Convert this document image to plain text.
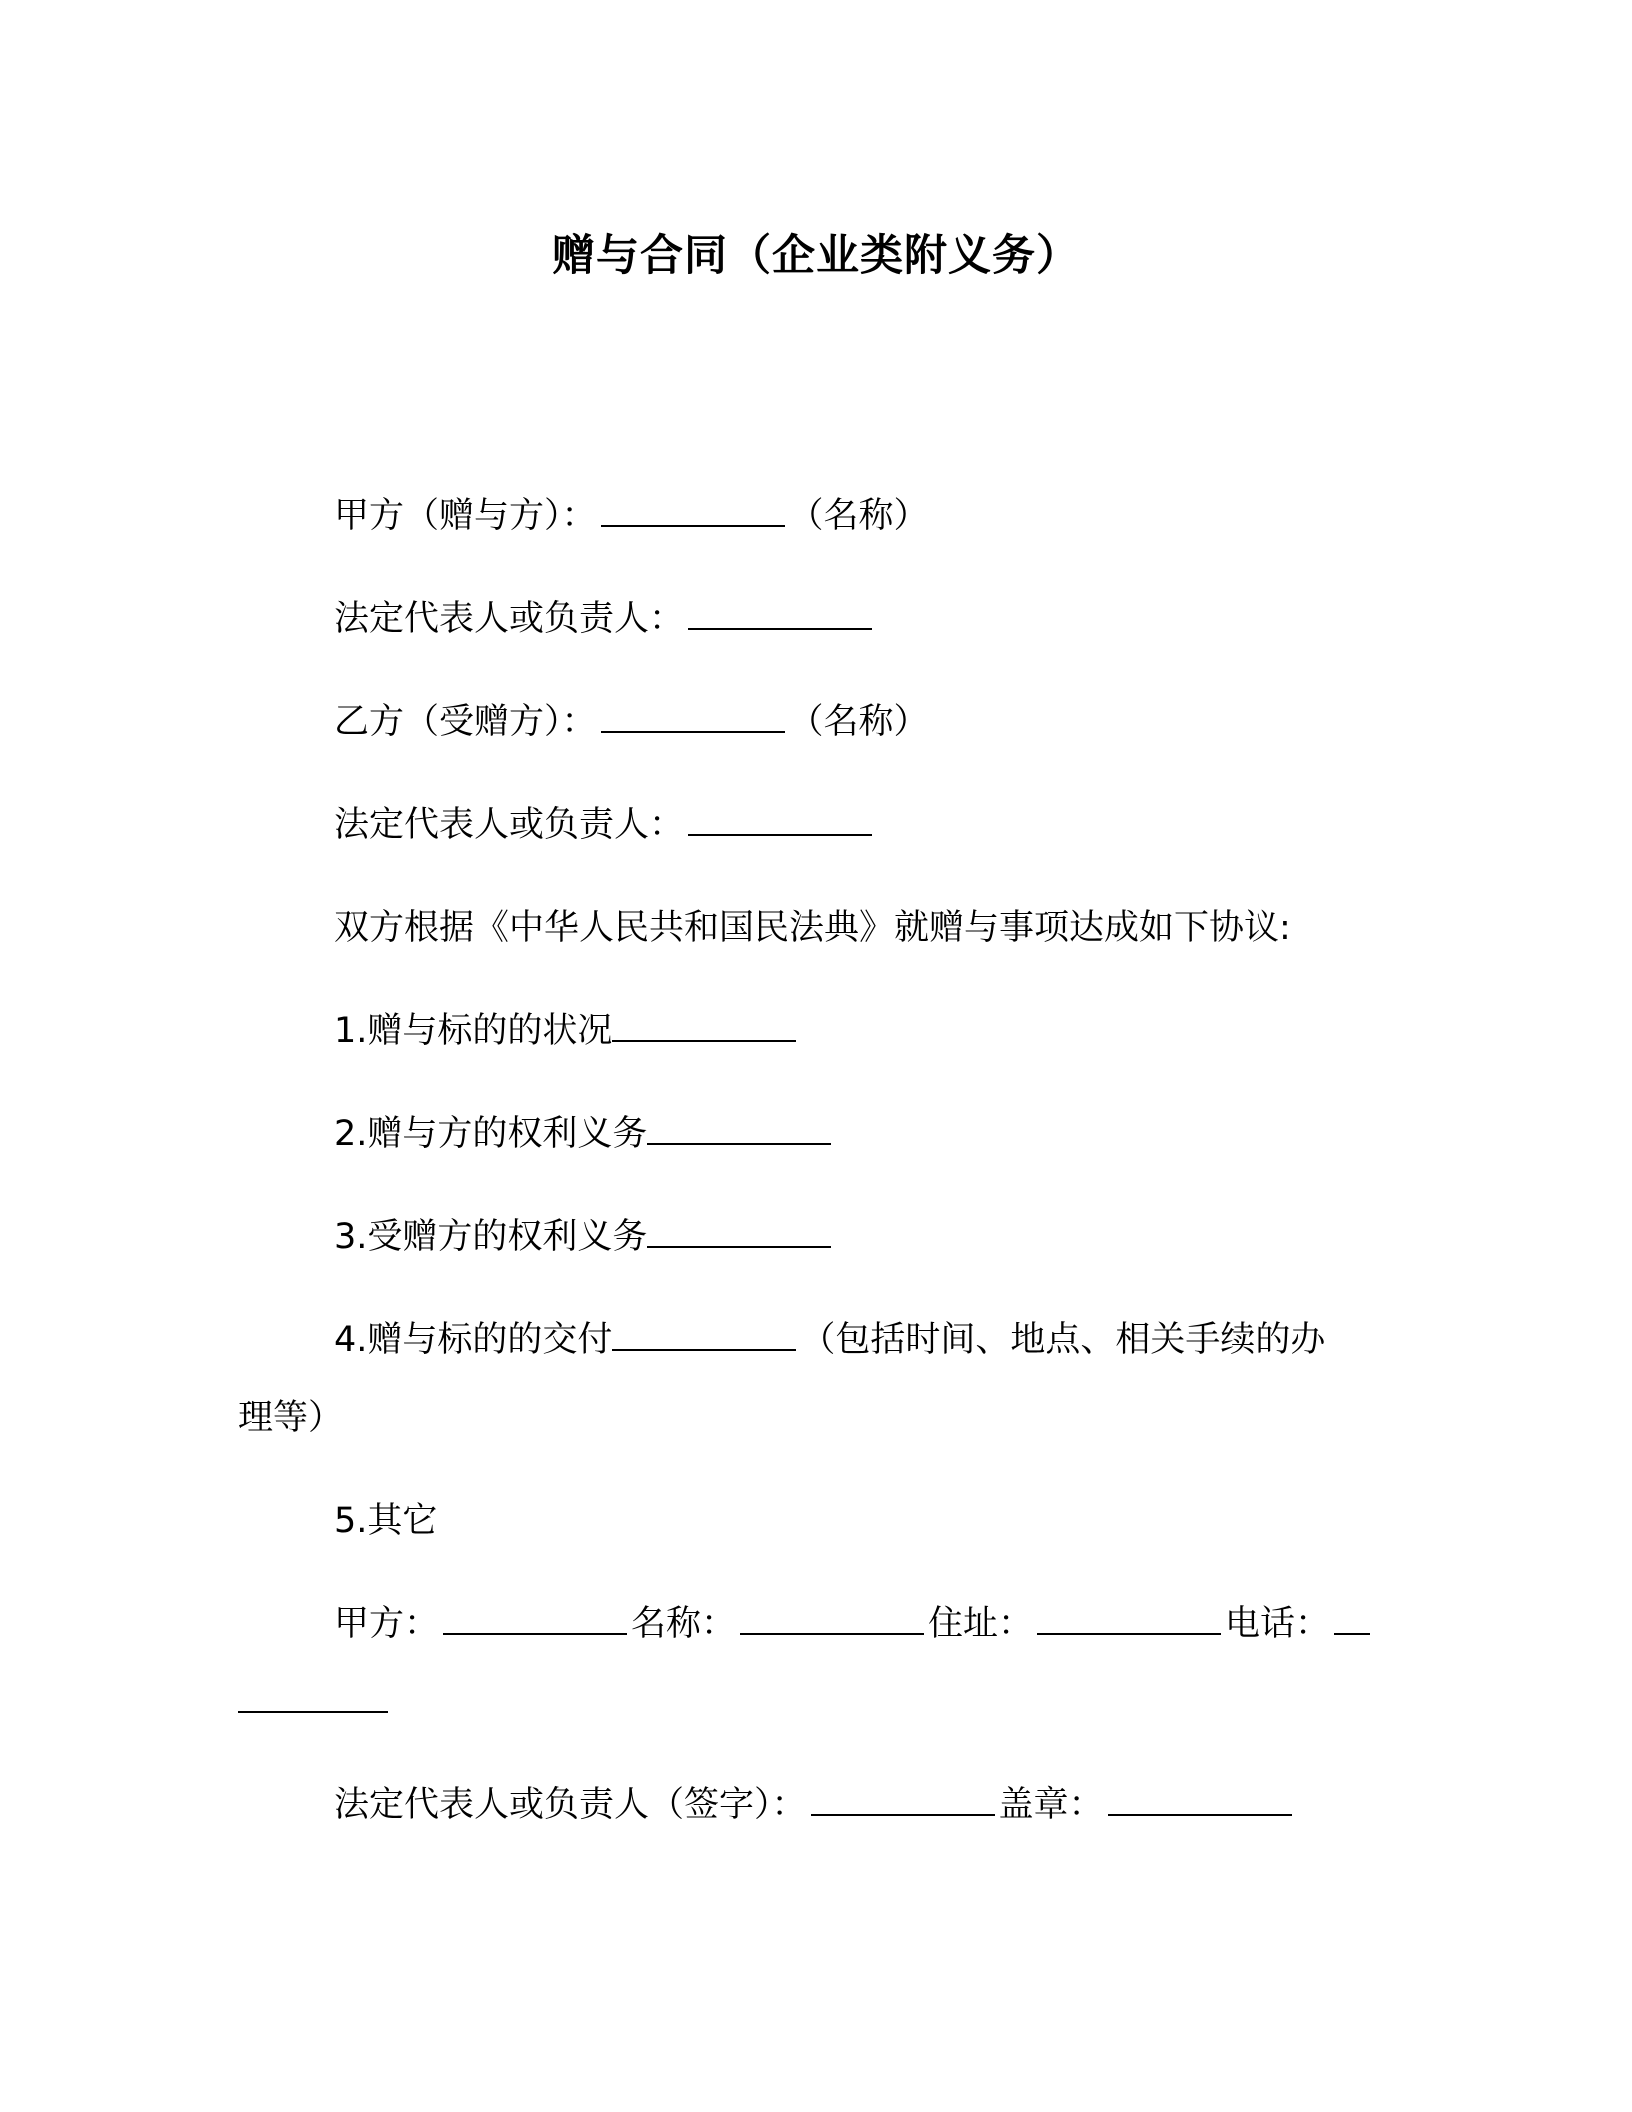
赠与合同（企业类附义务）
甲方（赠与方）：	（名称）
法定代表人或负责人：
乙方（受赠方）：	（名称）
法定代表人或负责人：
双方根据《中华人民共和国民法典》就赠与事项达成如下协议:
1.赠与标的的状况
2.赠与方的权利义务
3.受赠方的权利义务
4.赠与标的的交付	（包括时间、地点、相关手续的办
理等）
5.其它
甲方：	名称：	住址：	电话：
法定代表人或负责人（签字）：	盖章：
